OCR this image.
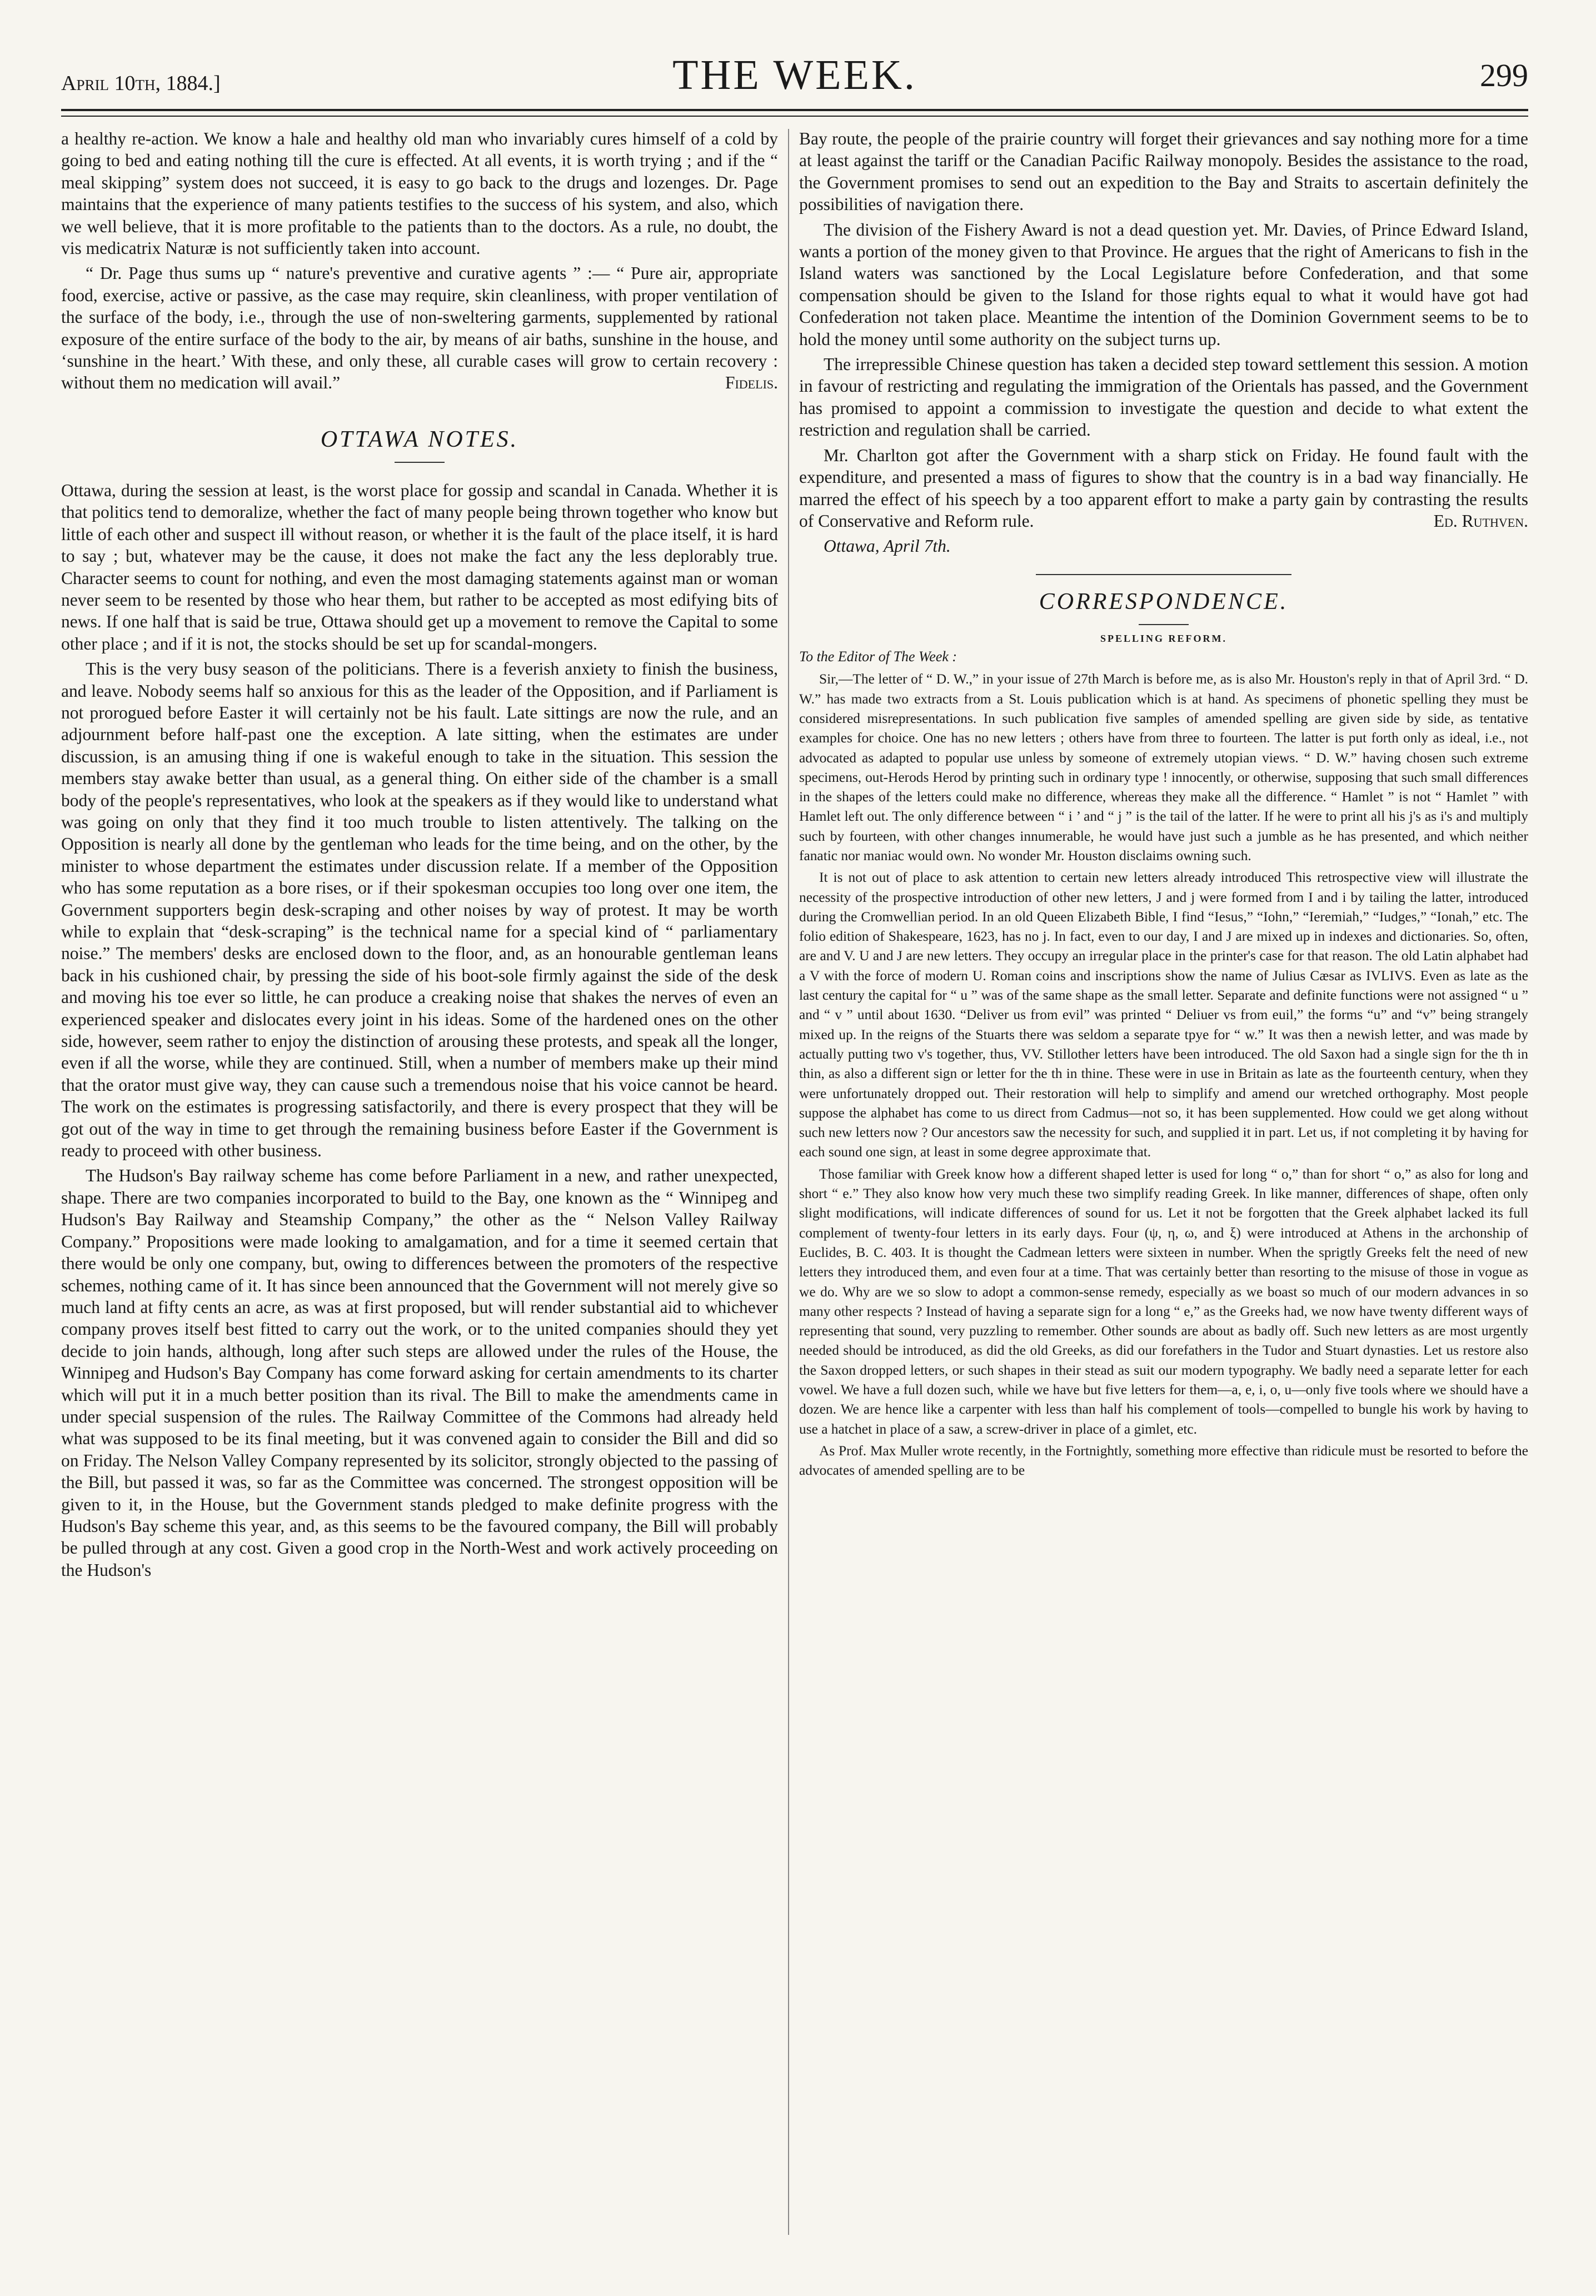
April 10th, 1884.]	THE WEEK.	299

a healthy re-action. We know a hale and healthy old man who invariably cures himself of a cold by going to bed and eating nothing till the cure is effected. At all events, it is worth trying ; and if the “ meal skipping” system does not succeed, it is easy to go back to the drugs and lozenges. Dr. Page maintains that the experience of many patients testifies to the success of his system, and also, which we well believe, that it is more profitable to the patients than to the doctors. As a rule, no doubt, the vis medicatrix Naturæ is not sufficiently taken into account.

“ Dr. Page thus sums up “ nature's preventive and curative agents ” :— “ Pure air, appropriate food, exercise, active or passive, as the case may require, skin cleanliness, with proper ventilation of the surface of the body, i.e., through the use of non-sweltering garments, supplemented by rational exposure of the entire surface of the body to the air, by means of air baths, sunshine in the house, and ‘sunshine in the heart.’ With these, and only these, all curable cases will grow to certain recovery : without them no medication will avail.”	Fidelis.

OTTAWA NOTES.

Ottawa, during the session at least, is the worst place for gossip and scandal in Canada. Whether it is that politics tend to demoralize, whether the fact of many people being thrown together who know but little of each other and suspect ill without reason, or whether it is the fault of the place itself, it is hard to say ; but, whatever may be the cause, it does not make the fact any the less deplorably true. Character seems to count for nothing, and even the most damaging statements against man or woman never seem to be resented by those who hear them, but rather to be accepted as most edifying bits of news. If one half that is said be true, Ottawa should get up a movement to remove the Capital to some other place ; and if it is not, the stocks should be set up for scandal-mongers.

This is the very busy season of the politicians. There is a feverish anxiety to finish the business, and leave. Nobody seems half so anxious for this as the leader of the Opposition, and if Parliament is not prorogued before Easter it will certainly not be his fault. Late sittings are now the rule, and an adjournment before half-past one the exception. A late sitting, when the estimates are under discussion, is an amusing thing if one is wakeful enough to take in the situation. This session the members stay awake better than usual, as a general thing. On either side of the chamber is a small body of the people's representatives, who look at the speakers as if they would like to understand what was going on only that they find it too much trouble to listen attentively. The talking on the Opposition is nearly all done by the gentleman who leads for the time being, and on the other, by the minister to whose department the estimates under discussion relate. If a member of the Opposition who has some reputation as a bore rises, or if their spokesman occupies too long over one item, the Government supporters begin desk-scraping and other noises by way of protest. It may be worth while to explain that “desk-scraping” is the technical name for a special kind of “ parliamentary noise.” The members' desks are enclosed down to the floor, and, as an honourable gentleman leans back in his cushioned chair, by pressing the side of his boot-sole firmly against the side of the desk and moving his toe ever so little, he can produce a creaking noise that shakes the nerves of even an experienced speaker and dislocates every joint in his ideas. Some of the hardened ones on the other side, however, seem rather to enjoy the distinction of arousing these protests, and speak all the longer, even if all the worse, while they are continued. Still, when a number of members make up their mind that the orator must give way, they can cause such a tremendous noise that his voice cannot be heard. The work on the estimates is progressing satisfactorily, and there is every prospect that they will be got out of the way in time to get through the remaining business before Easter if the Government is ready to proceed with other business.

The Hudson's Bay railway scheme has come before Parliament in a new, and rather unexpected, shape. There are two companies incorporated to build to the Bay, one known as the “ Winnipeg and Hudson's Bay Railway and Steamship Company,” the other as the “ Nelson Valley Railway Company.” Propositions were made looking to amalgamation, and for a time it seemed certain that there would be only one company, but, owing to differences between the promoters of the respective schemes, nothing came of it. It has since been announced that the Government will not merely give so much land at fifty cents an acre, as was at first proposed, but will render substantial aid to whichever company proves itself best fitted to carry out the work, or to the united companies should they yet decide to join hands, although, long after such steps are allowed under the rules of the House, the Winnipeg and Hudson's Bay Company has come forward asking for certain amendments to its charter which will put it in a much better position than its rival. The Bill to make the amendments came in under special suspension of the rules. The Railway Committee of the Commons had already held what was supposed to be its final meeting, but it was convened again to consider the Bill and did so on Friday. The Nelson Valley Company represented by its solicitor, strongly objected to the passing of the Bill, but passed it was, so far as the Committee was concerned. The strongest opposition will be given to it, in the House, but the Government stands pledged to make definite progress with the Hudson's Bay scheme this year, and, as this seems to be the favoured company, the Bill will probably be pulled through at any cost. Given a good crop in the North-West and work actively proceeding on the Hudson's

Bay route, the people of the prairie country will forget their grievances and say nothing more for a time at least against the tariff or the Canadian Pacific Railway monopoly. Besides the assistance to the road, the Government promises to send out an expedition to the Bay and Straits to ascertain definitely the possibilities of navigation there.

The division of the Fishery Award is not a dead question yet. Mr. Davies, of Prince Edward Island, wants a portion of the money given to that Province. He argues that the right of Americans to fish in the Island waters was sanctioned by the Local Legislature before Confederation, and that some compensation should be given to the Island for those rights equal to what it would have got had Confederation not taken place. Meantime the intention of the Dominion Government seems to be to hold the money until some authority on the subject turns up.

The irrepressible Chinese question has taken a decided step toward settlement this session. A motion in favour of restricting and regulating the immigration of the Orientals has passed, and the Government has promised to appoint a commission to investigate the question and decide to what extent the restriction and regulation shall be carried.

Mr. Charlton got after the Government with a sharp stick on Friday. He found fault with the expenditure, and presented a mass of figures to show that the country is in a bad way financially. He marred the effect of his speech by a too apparent effort to make a party gain by contrasting the results of Conservative and Reform rule.	Ed. Ruthven.

Ottawa, April 7th.
CORRESPONDENCE.
SPELLING REFORM.
To the Editor of The Week :

Sir,—The letter of “ D. W.,” in your issue of 27th March is before me, as is also Mr. Houston's reply in that of April 3rd. “ D. W.” has made two extracts from a St. Louis publication which is at hand. As specimens of phonetic spelling they must be considered misrepresentations. In such publication five samples of amended spelling are given side by side, as tentative examples for choice. One has no new letters ; others have from three to fourteen. The latter is put forth only as ideal, i.e., not advocated as adapted to popular use unless by someone of extremely utopian views. “ D. W.” having chosen such extreme specimens, out-Herods Herod by printing such in ordinary type ! innocently, or otherwise, supposing that such small differences in the shapes of the letters could make no difference, whereas they make all the difference. “ Hamlet ” is not “ Hamlet ” with Hamlet left out. The only difference between “ i ’ and “ j ” is the tail of the latter. If he were to print all his j's as i's and multiply such by fourteen, with other changes innumerable, he would have just such a jumble as he has presented, and which neither fanatic nor maniac would own. No wonder Mr. Houston disclaims owning such.

It is not out of place to ask attention to certain new letters already introduced This retrospective view will illustrate the necessity of the prospective introduction of other new letters, J and j were formed from I and i by tailing the latter, introduced during the Cromwellian period. In an old Queen Elizabeth Bible, I find “Iesus,” “Iohn,” “Ieremiah,” “Iudges,” “Ionah,” etc. The folio edition of Shakespeare, 1623, has no j. In fact, even to our day, I and J are mixed up in indexes and dictionaries. So, often, are and V. U and J are new letters. They occupy an irregular place in the printer's case for that reason. The old Latin alphabet had a V with the force of modern U. Roman coins and inscriptions show the name of Julius Cæsar as IVLIVS. Even as late as the last century the capital for “ u ” was of the same shape as the small letter. Separate and definite functions were not assigned “ u ” and “ v ” until about 1630. “Deliver us from evil” was printed “ Deliuer vs from euil,” the forms “u” and “v” being strangely mixed up. In the reigns of the Stuarts there was seldom a separate tpye for “ w.” It was then a newish letter, and was made by actually putting two v's together, thus, VV. Stillother letters have been introduced. The old Saxon had a single sign for the th in thin, as also a different sign or letter for the th in thine. These were in use in Britain as late as the fourteenth century, when they were unfortunately dropped out. Their restoration will help to simplify and amend our wretched orthography. Most people suppose the alphabet has come to us direct from Cadmus—not so, it has been supplemented. How could we get along without such new letters now ? Our ancestors saw the necessity for such, and supplied it in part. Let us, if not completing it by having for each sound one sign, at least in some degree approximate that.

Those familiar with Greek know how a different shaped letter is used for long “ o,” than for short “ o,” as also for long and short “ e.” They also know how very much these two simplify reading Greek. In like manner, differences of shape, often only slight modifications, will indicate differences of sound for us. Let it not be forgotten that the Greek alphabet lacked its full complement of twenty-four letters in its early days. Four (ψ, η, ω, and ξ) were introduced at Athens in the archonship of Euclides, B. C. 403. It is thought the Cadmean letters were sixteen in number. When the sprigtly Greeks felt the need of new letters they introduced them, and even four at a time. That was certainly better than resorting to the misuse of those in vogue as we do. Why are we so slow to adopt a common-sense remedy, especially as we boast so much of our modern advances in so many other respects ? Instead of having a separate sign for a long “ e,” as the Greeks had, we now have twenty different ways of representing that sound, very puzzling to remember. Other sounds are about as badly off. Such new letters as are most urgently needed should be introduced, as did the old Greeks, as did our forefathers in the Tudor and Stuart dynasties. Let us restore also the Saxon dropped letters, or such shapes in their stead as suit our modern typography. We badly need a separate letter for each vowel. We have a full dozen such, while we have but five letters for them—a, e, i, o, u—only five tools where we should have a dozen. We are hence like a carpenter with less than half his complement of tools—compelled to bungle his work by having to use a hatchet in place of a saw, a screw-driver in place of a gimlet, etc.

As Prof. Max Muller wrote recently, in the Fortnightly, something more effective than ridicule must be resorted to before the advocates of amended spelling are to be
